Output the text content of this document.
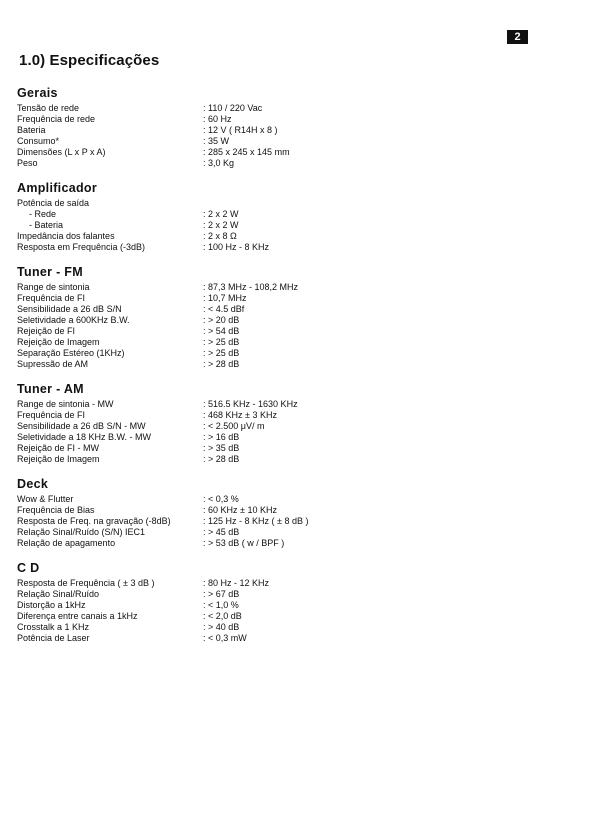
2
1.0) Especificações
Gerais
Tensão de rede	: 110 / 220 Vac
Frequência de rede	: 60 Hz
Bateria	: 12 V ( R14H x 8 )
Consumo*	: 35 W
Dimensões (L x P x A)	: 285 x 245 x 145 mm
Peso	: 3,0 Kg
Amplificador
Potência de saída
- Rede	: 2 x 2 W
- Bateria	: 2 x 2 W
Impedância dos falantes	: 2 x 8 Ω
Resposta em Frequência (-3dB)	: 100 Hz - 8 KHz
Tuner - FM
Range de sintonia	: 87,3 MHz - 108,2 MHz
Frequência de FI	: 10,7 MHz
Sensibilidade a 26 dB S/N	: < 4.5 dBf
Seletividade a 600KHz B.W.	: > 20 dB
Rejeição de FI	: > 54 dB
Rejeição de Imagem	: > 25 dB
Separação Estéreo (1KHz)	: > 25 dB
Supressão de AM	: > 28 dB
Tuner - AM
Range de sintonia - MW	: 516.5 KHz - 1630 KHz
Frequência de FI	: 468 KHz ± 3 KHz
Sensibilidade a 26 dB S/N - MW	: < 2.500 μV/ m
Seletividade a 18 KHz B.W. - MW	: > 16 dB
Rejeição de FI - MW	: > 35 dB
Rejeição de Imagem	: > 28 dB
Deck
Wow & Flutter	: < 0,3 %
Frequência de Bias	: 60 KHz ± 10 KHz
Resposta de Freq. na gravação (-8dB)	: 125 Hz - 8 KHz ( ± 8 dB )
Relação Sinal/Ruído (S/N) IEC1	: > 45 dB
Relação de apagamento	: > 53 dB ( w / BPF )
C D
Resposta de Frequência ( ± 3 dB )	: 80 Hz - 12 KHz
Relação Sinal/Ruído	: > 67 dB
Distorção a 1kHz	: < 1,0 %
Diferença entre canais a 1kHz	: < 2,0 dB
Crosstalk a 1 KHz	: > 40 dB
Potência de Laser	: < 0,3 mW
